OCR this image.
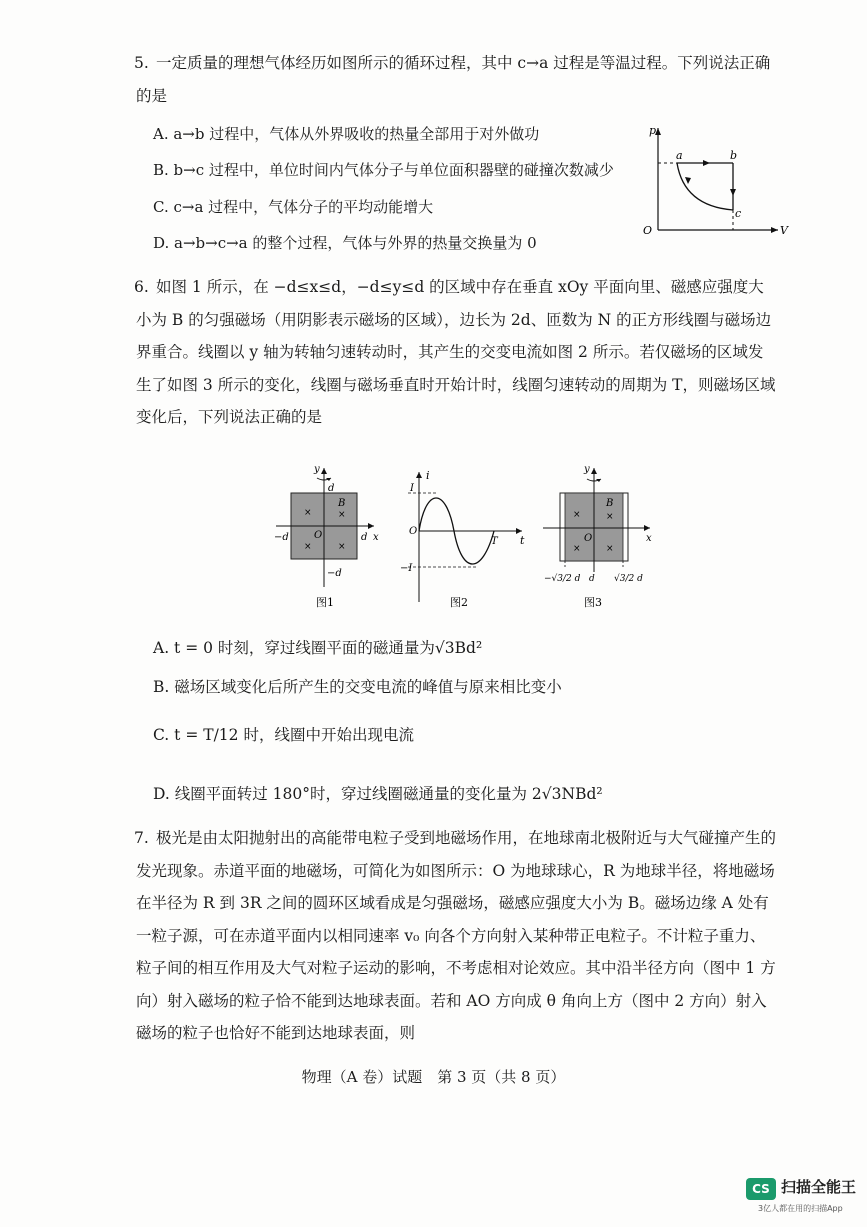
5. 一定质量的理想气体经历如图所示的循环过程，其中 c→a 过程是等温过程。下列说法正确的是
A. a→b 过程中，气体从外界吸收的热量全部用于对外做功
B. b→c 过程中，单位时间内气体分子与单位面积器壁的碰撞次数减少
C. c→a 过程中，气体分子的平均动能增大
D. a→b→c→a 的整个过程，气体与外界的热量交换量为 0
p
V
O
a	b
c
6. 如图 1 所示，在 −d≤x≤d，−d≤y≤d 的区域中存在垂直 xOy 平面向里、磁感应强度大小为 B 的匀强磁场（用阴影表示磁场的区域），边长为 2d、匝数为 N 的正方形线圈与磁场边界重合。线圈以 y 轴为转轴匀速转动时，其产生的交变电流如图 2 所示。若仅磁场的区域发生了如图 3 所示的变化，线圈与磁场垂直时开始计时，线圈匀速转动的周期为 T，则磁场区域变化后，下列说法正确的是
y
x
d
B
O	d
−d
−d
×	×
×	×
图1
i
t
O
I
−I
T
图2
y
x
B
O
×	×
×	×
−√3/2 d d √3/2 d
图3
A. t = 0 时刻，穿过线圈平面的磁通量为√3Bd²
B. 磁场区域变化后所产生的交变电流的峰值与原来相比变小
C. t = T/12 时，线圈中开始出现电流
D. 线圈平面转过 180°时，穿过线圈磁通量的变化量为 2√3NBd²
7. 极光是由太阳抛射出的高能带电粒子受到地磁场作用，在地球南北极附近与大气碰撞产生的发光现象。赤道平面的地磁场，可简化为如图所示：O 为地球球心，R 为地球半径，将地磁场在半径为 R 到 3R 之间的圆环区域看成是匀强磁场，磁感应强度大小为 B。磁场边缘 A 处有一粒子源，可在赤道平面内以相同速率 v₀ 向各个方向射入某种带正电粒子。不计粒子重力、粒子间的相互作用及大气对粒子运动的影响，不考虑相对论效应。其中沿半径方向（图中 1 方向）射入磁场的粒子恰不能到达地球表面。若和 AO 方向成 θ 角向上方（图中 2 方向）射入磁场的粒子也恰好不能到达地球表面，则
物理（A 卷）试题　第 3 页（共 8 页）
CS 扫描全能王
3亿人都在用的扫描App
